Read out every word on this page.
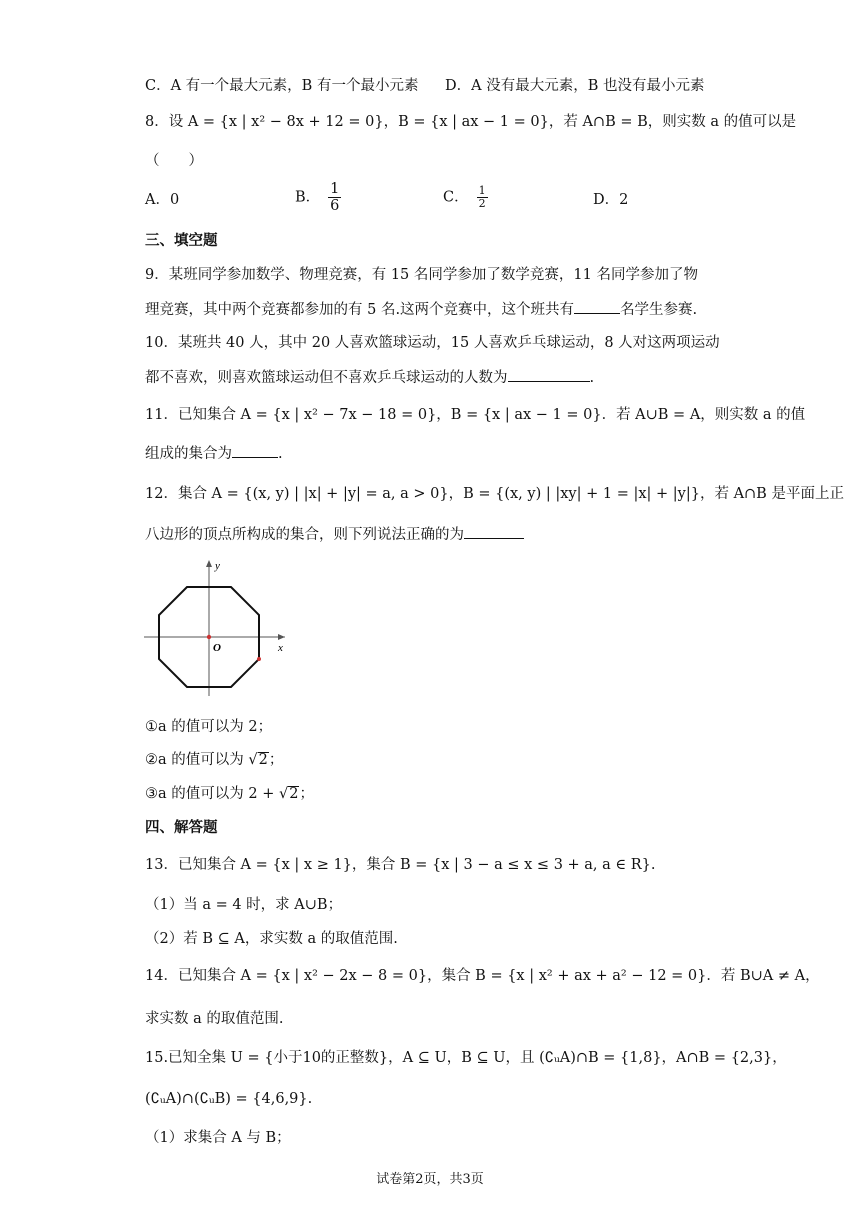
C．A 有一个最大元素，B 有一个最小元素 D．A 没有最大元素，B 也没有最小元素
8．设 A = {x | x² − 8x + 12 = 0}，B = {x | ax − 1 = 0}，若 A∩B = B，则实数 a 的值可以是
（　　）
A．0	B． $\frac{1}{6}$	C． $\frac{1}{2}$	D．2
三、填空题
9．某班同学参加数学、物理竞赛，有 15 名同学参加了数学竞赛，11 名同学参加了物
理竞赛，其中两个竞赛都参加的有 5 名.这两个竞赛中，这个班共有	名学生参赛.
10．某班共 40 人，其中 20 人喜欢篮球运动，15 人喜欢乒乓球运动，8 人对这两项运动
都不喜欢，则喜欢篮球运动但不喜欢乒乓球运动的人数为	.
11．已知集合 A = {x | x² − 7x − 18 = 0}，B = {x | ax − 1 = 0}．若 A∪B = A，则实数 a 的值
组成的集合为	.
12．集合 A = {(x, y) | |x| + |y| = a, a > 0}，B = {(x, y) | |xy| + 1 = |x| + |y|}，若 A∩B 是平面上正
八边形的顶点所构成的集合，则下列说法正确的为
y
x
O
①a 的值可以为 2；
②a 的值可以为 √2；
③a 的值可以为 2 + √2；
四、解答题
13．已知集合 A = {x | x ≥ 1}，集合 B = {x | 3 − a ≤ x ≤ 3 + a, a ∈ R}.
（1）当 a = 4 时，求 A∪B；
（2）若 B ⊆ A，求实数 a 的取值范围.
14．已知集合 A = {x | x² − 2x − 8 = 0}，集合 B = {x | x² + ax + a² − 12 = 0}．若 B∪A ≠ A，
求实数 a 的取值范围.
15.已知全集 U = {小于10的正整数}，A ⊆ U，B ⊆ U，且 (∁ᵤA)∩B = {1,8}，A∩B = {2,3}，
(∁ᵤA)∩(∁ᵤB) = {4,6,9}.
（1）求集合 A 与 B；
试卷第2页，共3页
